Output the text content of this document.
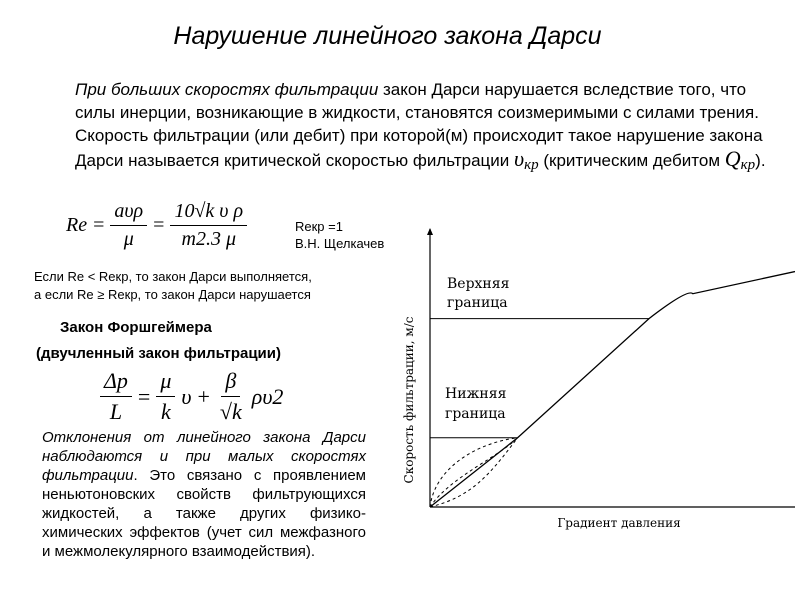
Нарушение линейного закона Дарси
При больших скоростях фильтрации закон Дарси нарушается вследствие того, что силы инерции, возникающие в жидкости, становятся соизмеримыми с силами трения. Скорость фильтрации (или дебит) при которой(м) происходит такое нарушение закона Дарси называется критической скоростью фильтрации $\upsilon_{кр}$ (критическим дебитом $Q_{кр}$).
$Re = \frac{\text{aυρ}}{\mu} = \frac{\text{10√k υ ρ}}{m2.3 \mu}$	Reкр =1
В.Н. Щелкачев
Если Re < Reкр, то закон Дарси выполняется,
а если Re ≥ Reкр, то закон Дарси нарушается
Закон Форшгеймера
(двучленный закон фильтрации)
$\frac{\Delta p}{L} = \frac{\mu}{k}$ $\upsilon + \frac{\beta}{√k} \rho\upsilon 2$
Отклонения от линейного закона Дарси наблюдаются и при малых скоростях фильтрации. Это связано с проявлением неньютоновских свойств фильтрующихся жидкостей, а также других физико-химических эффектов (учет сил межфазного и межмолекулярного взаимодействия).
Скорость фильтрации, м/с
Градиент давления
Верхняя
граница
Нижняя
граница
